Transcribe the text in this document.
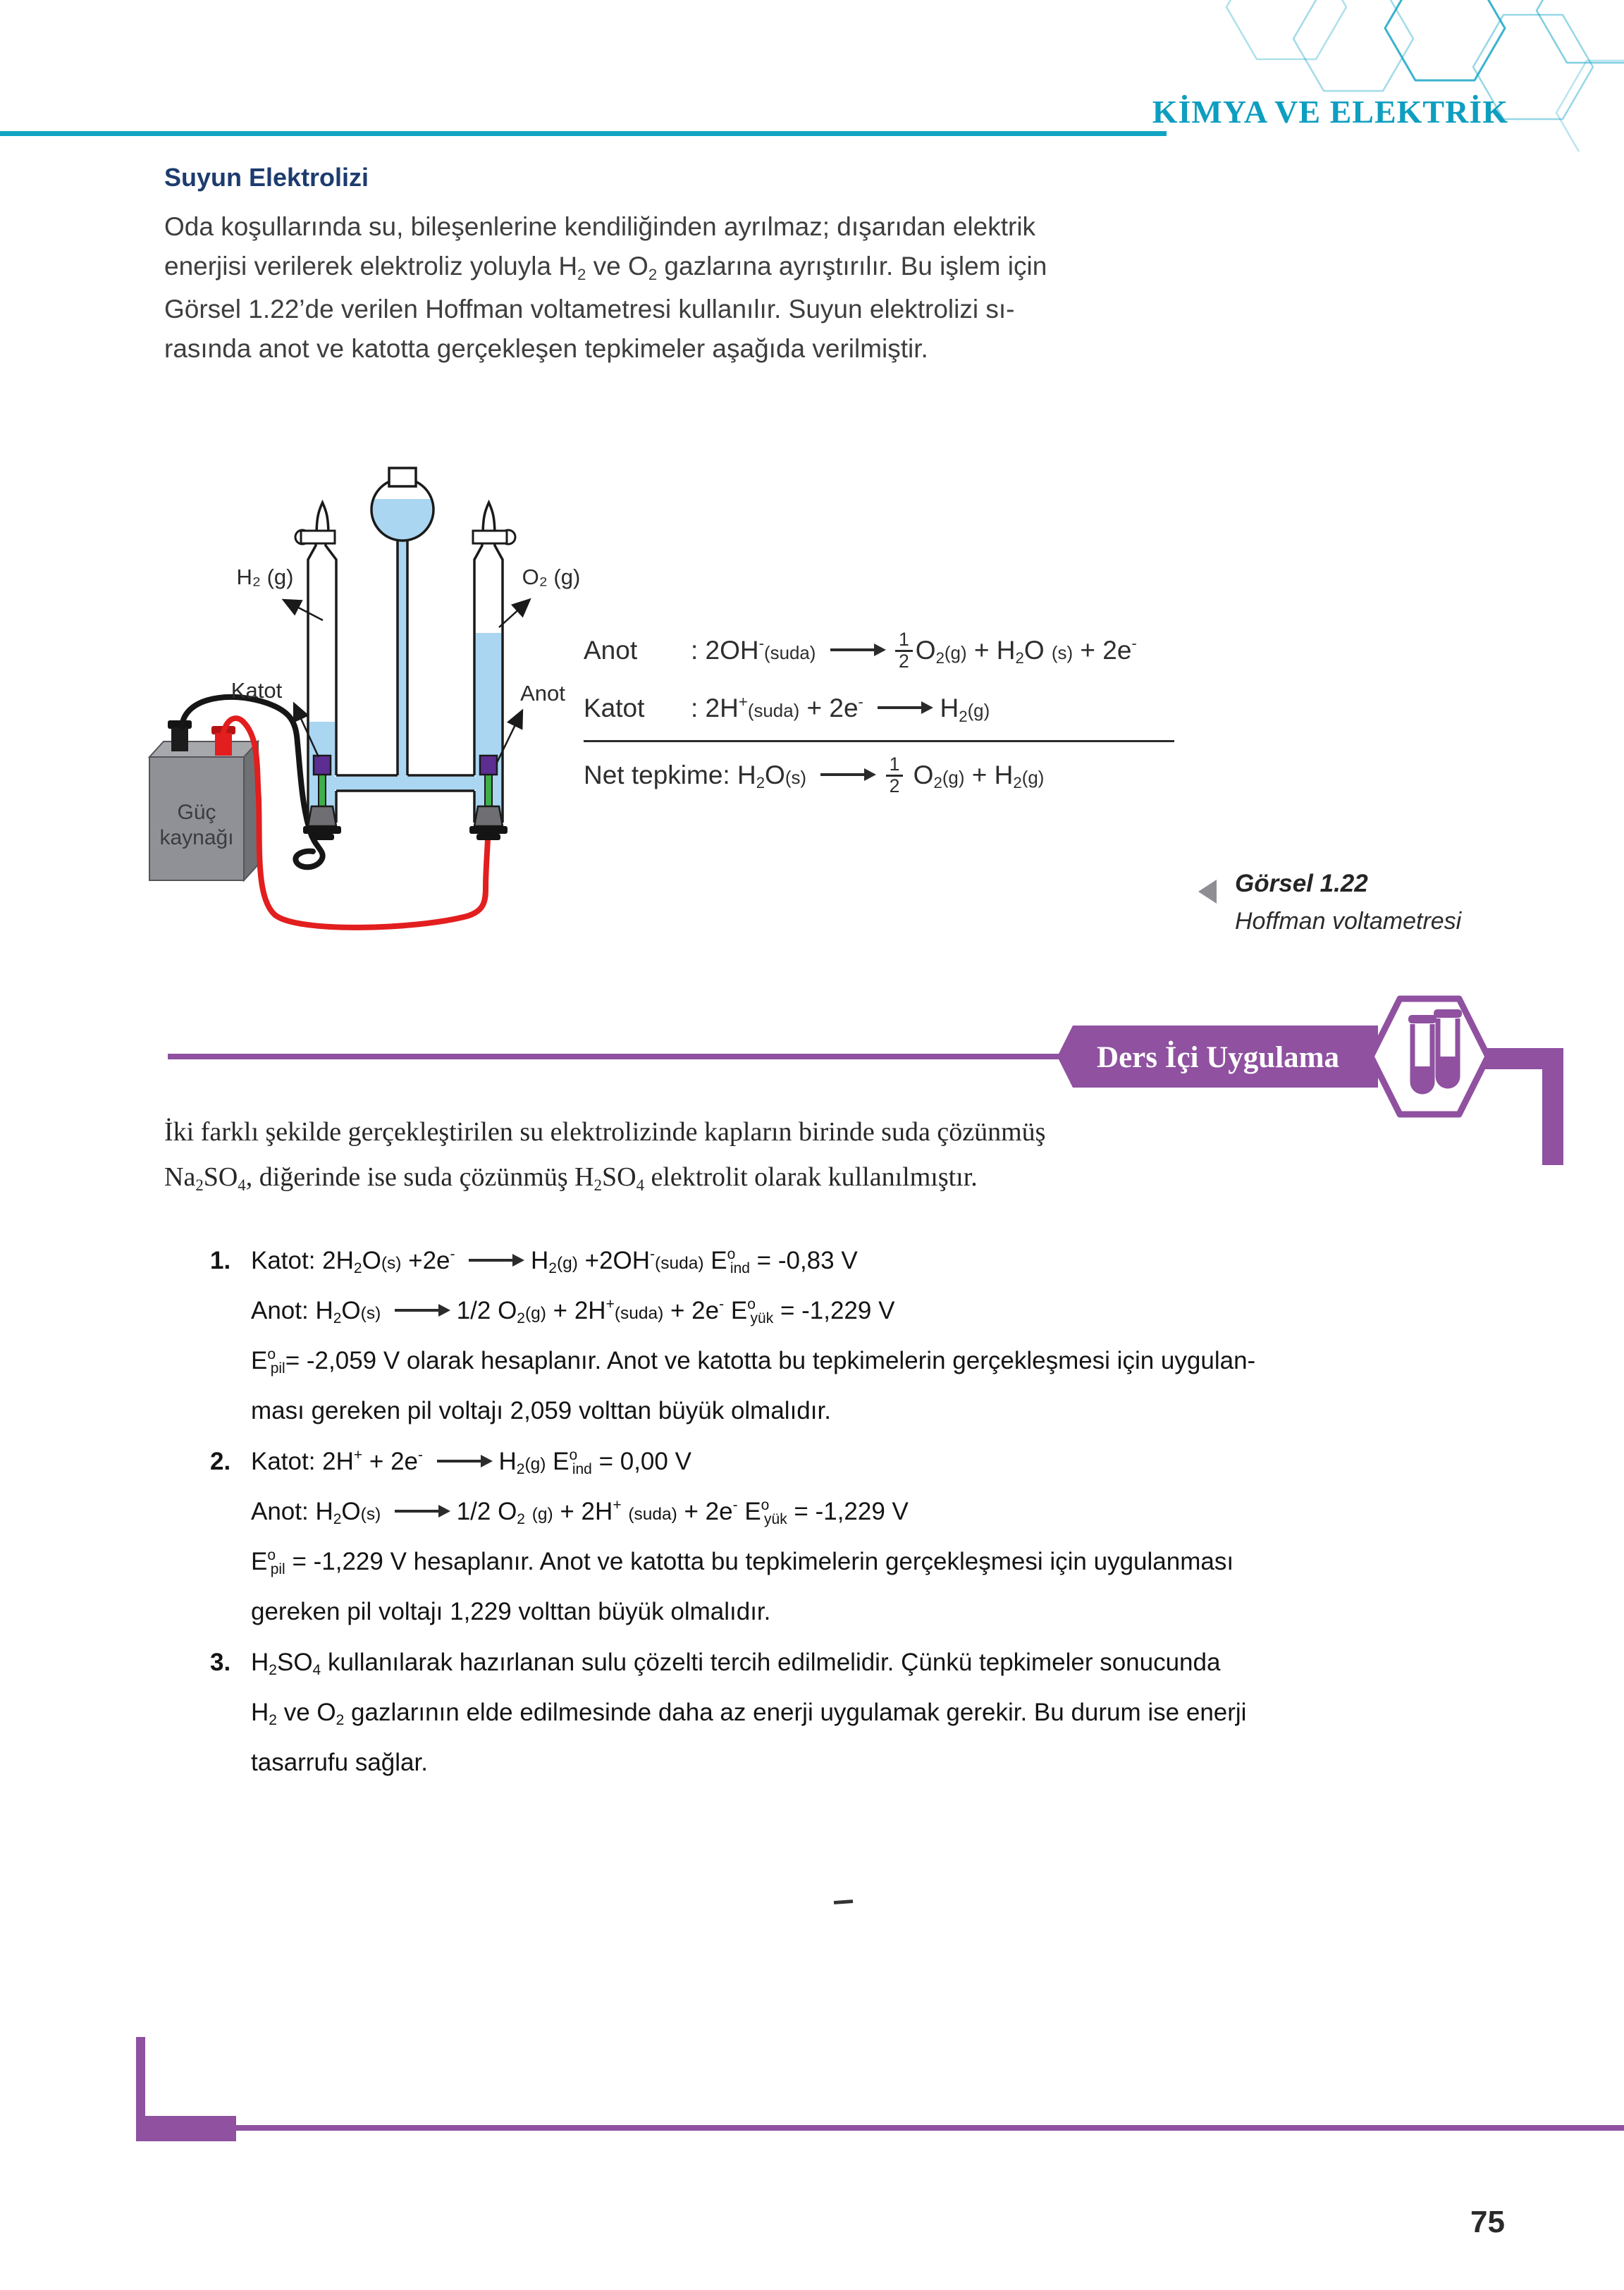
KİMYA VE ELEKTRİK
Suyun Elektrolizi
Oda koşullarında su, bileşenlerine kendiliğinden ayrılmaz; dışarıdan elektrik
enerjisi verilerek elektroliz yoluyla $H_2$ ve $O_2$ gazlarına ayrıştırılır. Bu işlem için
Görsel 1.22’de verilen Hoffman voltametresi kullanılır. Suyun elektrolizi sı-
rasında anot ve katotta gerçekleşen tepkimeler aşağıda verilmiştir.
Güç
kaynağı
H₂ (g)	O₂ (g)
Katot	Anot
Anot	: 2OH-(suda)	$\frac{1}{2} O_2(g) + H_2O$ (s) + 2e-
Katot	: 2H+(suda) + 2e-	$H_2(g)$
Net tepkime: $H_2O(s)$	$\frac{1}{2} O_2(g) + H_2(g)$
Görsel 1.22
Hoffman voltametresi
Ders İçi Uygulama
İki farklı şekilde gerçekleştirilen su elektrolizinde kapların birinde suda çözünmüş
$Na_2SO_4$, diğerinde ise suda çözünmüş $H_2SO_4$ elektrolit olarak kullanılmıştır.
1. Katot: $2H_2O(s) +2e^-$	$H_2(g)$ +2OH-(suda) $E^o_{ind} = -0,83$ V
Anot: $H_2O(s)$	1/2 $O_2(g)$ + 2H+(suda) + 2e- $E^o_{yük} = -1,229$ V
$E^o_{pil}= -2,059$ V olarak hesaplanır. Anot ve katotta bu tepkimelerin gerçekleşmesi için uygulan-
ması gereken pil voltajı 2,059 volttan büyük olmalıdır.
2. Katot: 2H+ + 2e-	$H_2(g) E^o_{ind} = 0,00$ V
Anot: $H_2O(s)$	1/2 $O_2$ (g) + 2H+ (suda) + 2e- $E^o_{yük} = -1,229$ V
$E^o_{pil} = -1,229$ V hesaplanır. Anot ve katotta bu tepkimelerin gerçekleşmesi için uygulanması
gereken pil voltajı 1,229 volttan büyük olmalıdır.
3. $H_2SO_4$ kullanılarak hazırlanan sulu çözelti tercih edilmelidir. Çünkü tepkimeler sonucunda
$H_2$ ve $O_2$ gazlarının elde edilmesinde daha az enerji uygulamak gerekir. Bu durum ise enerji
tasarrufu sağlar.
75
